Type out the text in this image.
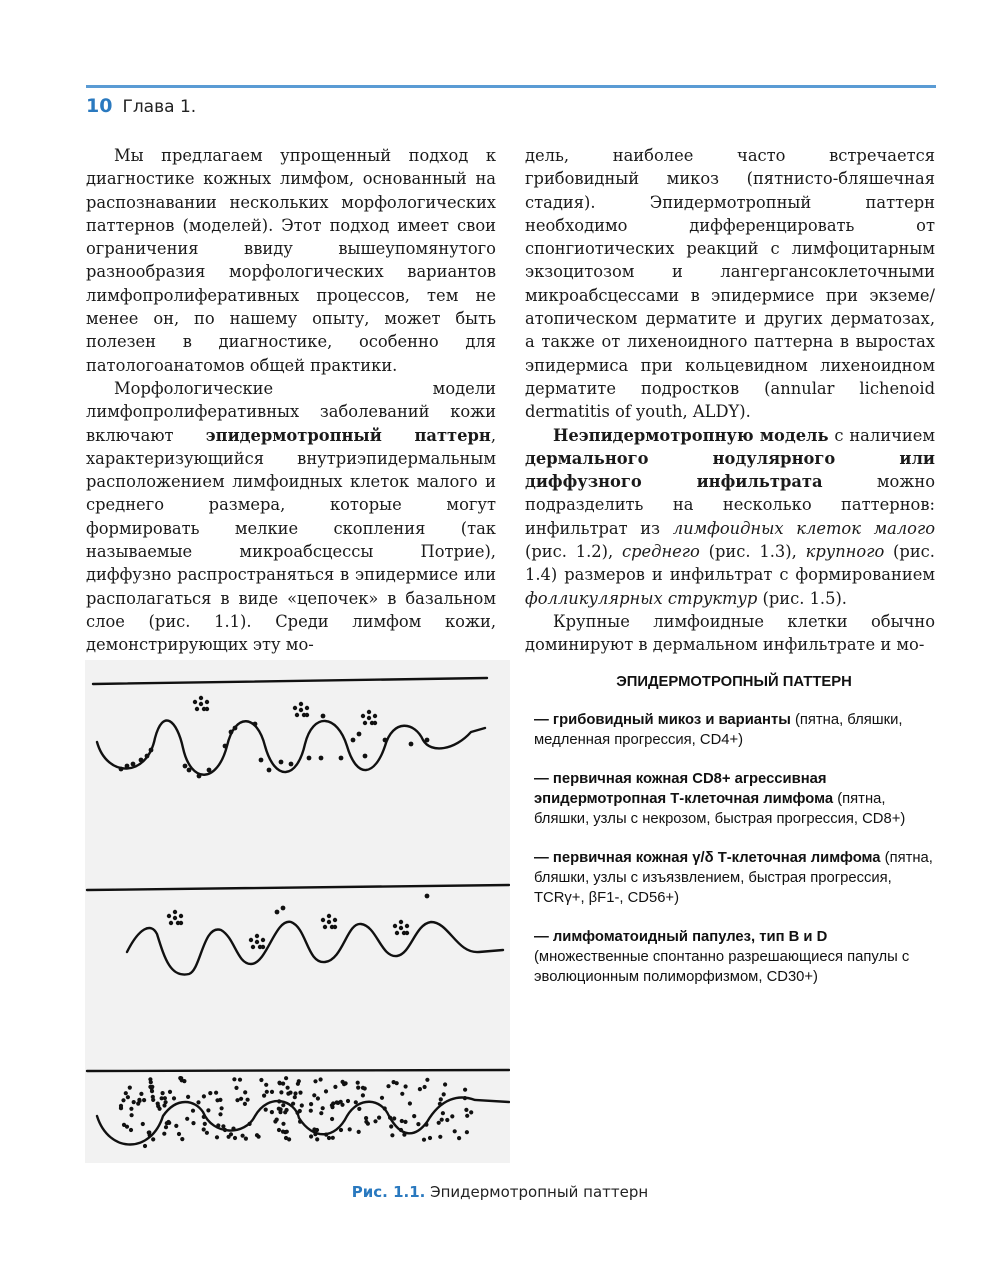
10 Глава 1.

Мы предлагаем упрощенный подход к диагностике кожных лимфом, основанный на распознавании нескольких морфологических паттернов (моделей). Этот подход имеет свои ограничения ввиду вышеупомянутого разнообразия морфологических вариантов лимфопролиферативных процессов, тем не менее он, по нашему опыту, может быть полезен в диагностике, особенно для патологоанатомов общей практики.

Морфологические модели лимфопролиферативных заболеваний кожи включают эпидермотропный паттерн, характеризующийся внутриэпидермальным расположением лимфоидных клеток малого и среднего размера, которые могут формировать мелкие скопления (так называемые микроабсцессы Потрие), диффузно распространяться в эпидермисе или располагаться в виде «цепочек» в базальном слое (рис. 1.1). Среди лимфом кожи, демонстрирующих эту мо-

дель, наиболее часто встречается грибовидный микоз (пятнисто-бляшечная стадия). Эпидермотропный паттерн необходимо дифференцировать от спонгиотических реакций с лимфоцитарным экзоцитозом и лангергансоклеточными микроабсцессами в эпидермисе при экземе/атопическом дерматите и других дерматозах, а также от лихеноидного паттерна в выростах эпидермиса при кольцевидном лихеноидном дерматите подростков (annular lichenoid dermatitis of youth, ALDY).

Неэпидермотропную модель с наличием дермального нодулярного или диффузного инфильтрата можно подразделить на несколько паттернов: инфильтрат из лимфоидных клеток малого (рис. 1.2), среднего (рис. 1.3), крупного (рис. 1.4) размеров и инфильтрат с формированием фолликулярных структур (рис. 1.5).

Крупные лимфоидные клетки обычно доминируют в дермальном инфильтрате и мо-

ЭПИДЕРМОТРОПНЫЙ ПАТТЕРН
— грибовидный микоз и варианты (пятна, бляшки, медленная прогрессия, CD4+)
— первичная кожная CD8+ агрессивная эпидермотропная Т-клеточная лимфома (пятна, бляшки, узлы с некрозом, быстрая прогрессия, CD8+)
— первичная кожная γ/δ Т-клеточная лимфома (пятна, бляшки, узлы с изъязвлением, быстрая прогрессия, TCRγ+, βF1-, CD56+)
— лимфоматоидный папулез, тип В и D (множественные спонтанно разрешающиеся папулы с эволюционным полиморфизмом, CD30+)
Рис. 1.1. Эпидермотропный паттерн
